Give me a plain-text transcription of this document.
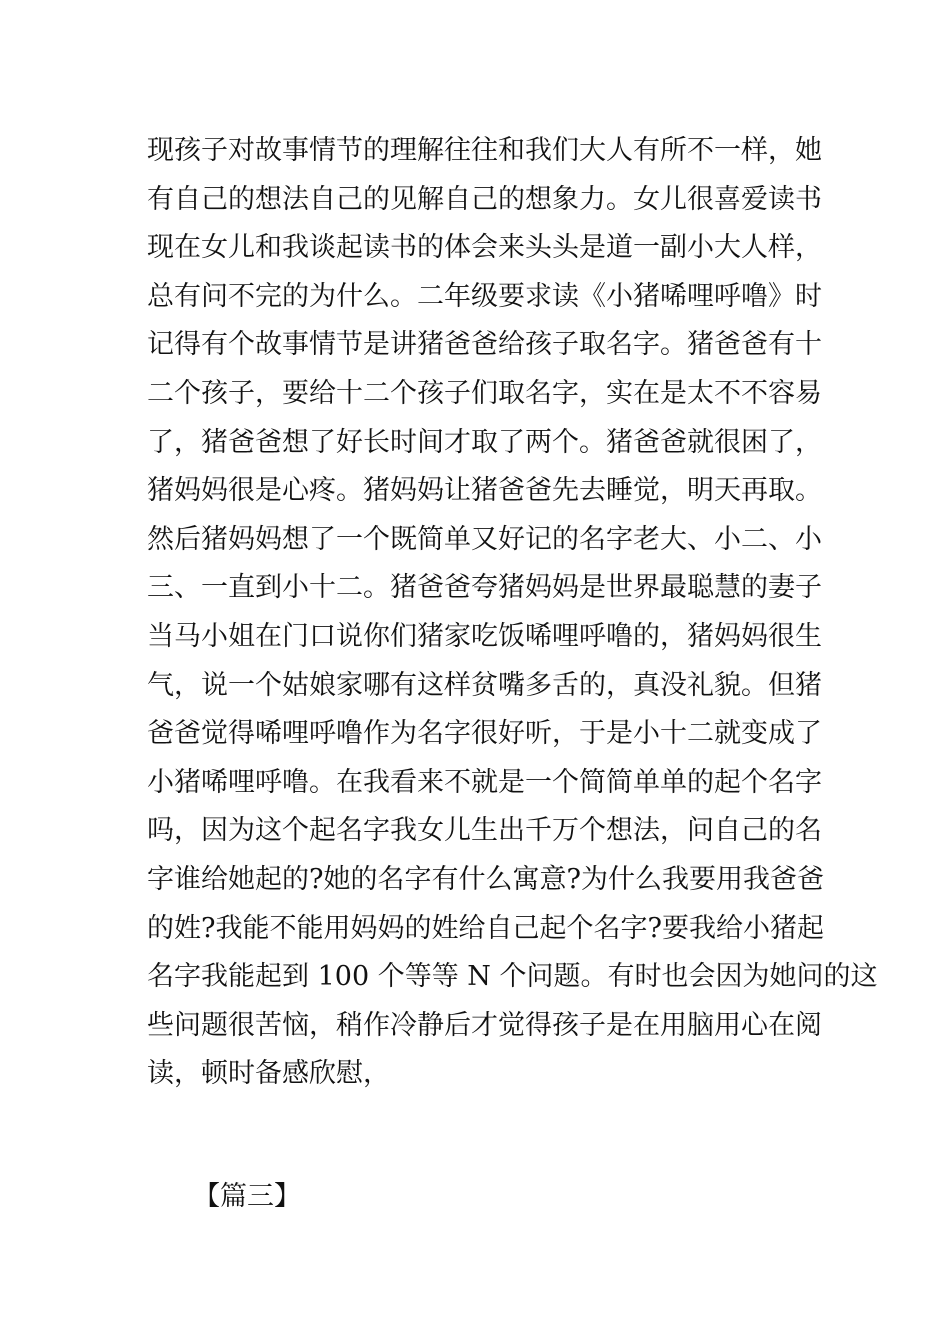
现孩子对故事情节的理解往往和我们大人有所不一样，她
有自己的想法自己的见解自己的想象力。女儿很喜爱读书
现在女儿和我谈起读书的体会来头头是道一副小大人样，
总有问不完的为什么。二年级要求读《小猪唏哩呼噜》时
记得有个故事情节是讲猪爸爸给孩子取名字。猪爸爸有十
二个孩子，要给十二个孩子们取名字，实在是太不不容易
了，猪爸爸想了好长时间才取了两个。猪爸爸就很困了，
猪妈妈很是心疼。猪妈妈让猪爸爸先去睡觉，明天再取。
然后猪妈妈想了一个既简单又好记的名字老大、小二、小
三、一直到小十二。猪爸爸夸猪妈妈是世界最聪慧的妻子
当马小姐在门口说你们猪家吃饭唏哩呼噜的，猪妈妈很生
气，说一个姑娘家哪有这样贫嘴多舌的，真没礼貌。但猪
爸爸觉得唏哩呼噜作为名字很好听，于是小十二就变成了
小猪唏哩呼噜。在我看来不就是一个简简单单的起个名字
吗，因为这个起名字我女儿生出千万个想法，问自己的名
字谁给她起的?她的名字有什么寓意?为什么我要用我爸爸
的姓?我能不能用妈妈的姓给自己起个名字?要我给小猪起
名字我能起到 100 个等等 N 个问题。有时也会因为她问的这
些问题很苦恼，稍作冷静后才觉得孩子是在用脑用心在阅
读，顿时备感欣慰，
【篇三】
